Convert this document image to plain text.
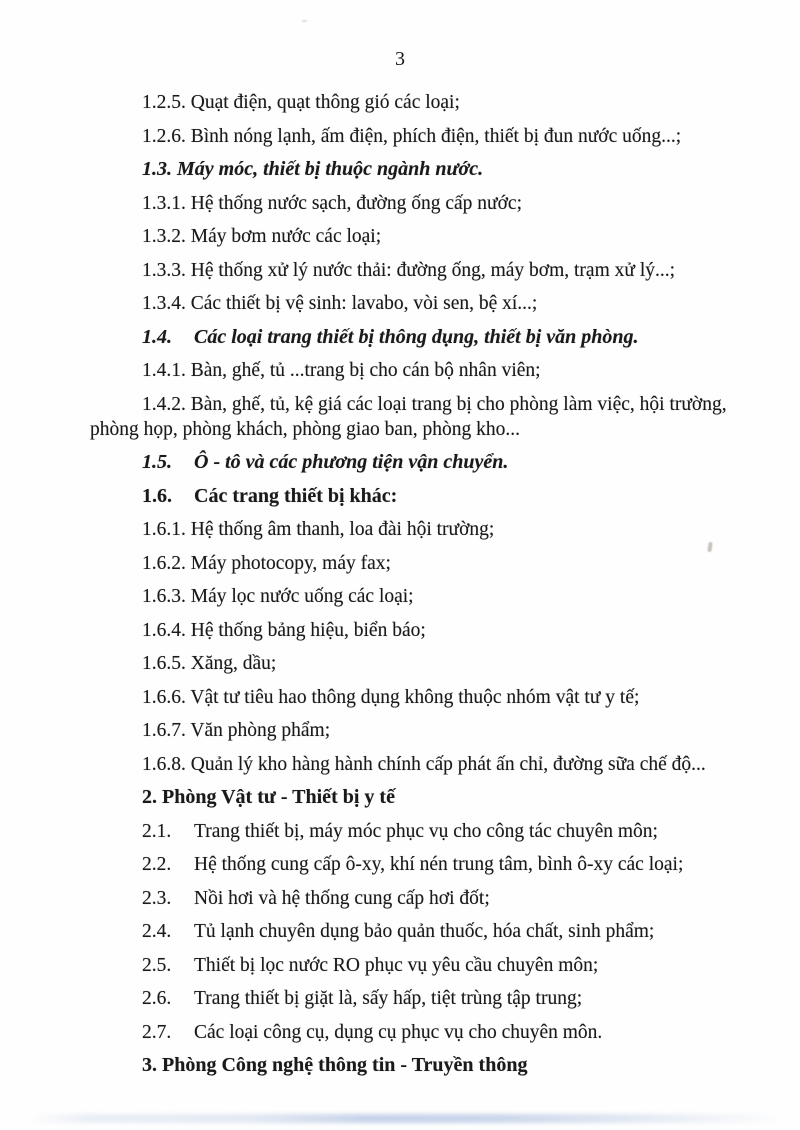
3

1.2.5. Quạt điện, quạt thông gió các loại;

1.2.6. Bình nóng lạnh, ấm điện, phích điện, thiết bị đun nước uống...;

1.3. Máy móc, thiết bị thuộc ngành nước.

1.3.1. Hệ thống nước sạch, đường ống cấp nước;

1.3.2. Máy bơm nước các loại;

1.3.3. Hệ thống xử lý nước thải: đường ống, máy bơm, trạm xử lý...;

1.3.4. Các thiết bị vệ sinh: lavabo, vòi sen, bệ xí...;

1.4. Các loại trang thiết bị thông dụng, thiết bị văn phòng.

1.4.1. Bàn, ghế, tủ ...trang bị cho cán bộ nhân viên;

1.4.2. Bàn, ghế, tủ, kệ giá các loại trang bị cho phòng làm việc, hội trường, phòng họp, phòng khách, phòng giao ban, phòng kho...

1.5. Ô - tô và các phương tiện vận chuyển.

1.6. Các trang thiết bị khác:

1.6.1. Hệ thống âm thanh, loa đài hội trường;

1.6.2. Máy photocopy, máy fax;

1.6.3. Máy lọc nước uống các loại;

1.6.4. Hệ thống bảng hiệu, biển báo;

1.6.5. Xăng, dầu;

1.6.6. Vật tư tiêu hao thông dụng không thuộc nhóm vật tư y tế;

1.6.7. Văn phòng phẩm;

1.6.8. Quản lý kho hàng hành chính cấp phát ấn chỉ, đường sữa chế độ...

2. Phòng Vật tư - Thiết bị y tế

2.1. Trang thiết bị, máy móc phục vụ cho công tác chuyên môn;

2.2. Hệ thống cung cấp ô-xy, khí nén trung tâm, bình ô-xy các loại;

2.3. Nồi hơi và hệ thống cung cấp hơi đốt;

2.4. Tủ lạnh chuyên dụng bảo quản thuốc, hóa chất, sinh phẩm;

2.5. Thiết bị lọc nước RO phục vụ yêu cầu chuyên môn;

2.6. Trang thiết bị giặt là, sấy hấp, tiệt trùng tập trung;

2.7. Các loại công cụ, dụng cụ phục vụ cho chuyên môn.

3. Phòng Công nghệ thông tin - Truyền thông
